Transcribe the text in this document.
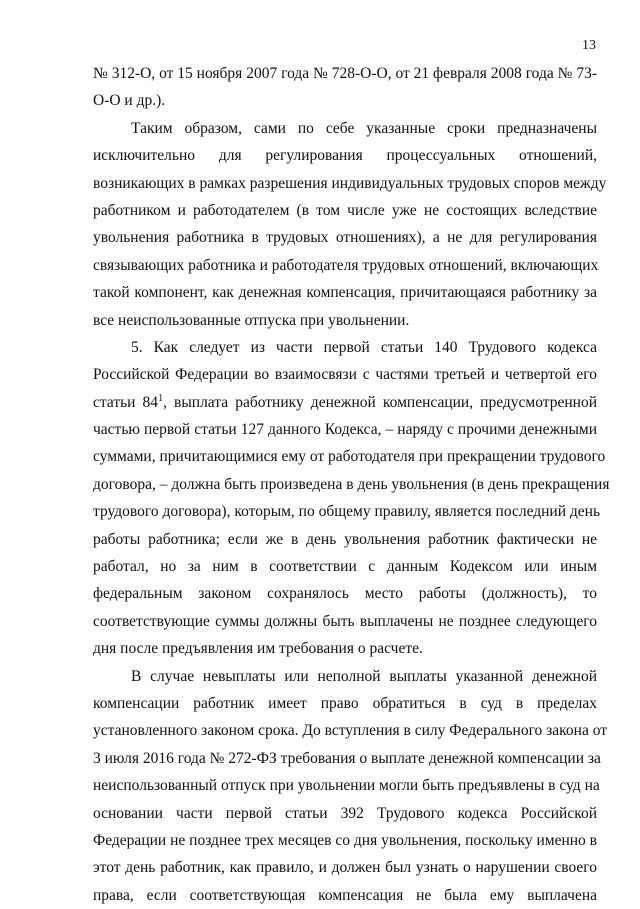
13
№ 312-О, от 15 ноября 2007 года № 728-О-О, от 21 февраля 2008 года № 73-
О-О и др.).
Таким образом, сами по себе указанные сроки предназначены
исключительно для регулирования процессуальных отношений,
возникающих в рамках разрешения индивидуальных трудовых споров между
работником и работодателем (в том числе уже не состоящих вследствие
увольнения работника в трудовых отношениях), а не для регулирования
связывающих работника и работодателя трудовых отношений, включающих
такой компонент, как денежная компенсация, причитающаяся работнику за
все неиспользованные отпуска при увольнении.
5. Как следует из части первой статьи 140 Трудового кодекса
Российской Федерации во взаимосвязи с частями третьей и четвертой его
статьи $84^1$, выплата работнику денежной компенсации, предусмотренной
частью первой статьи 127 данного Кодекса, – наряду с прочими денежными
суммами, причитающимися ему от работодателя при прекращении трудового
договора, – должна быть произведена в день увольнения (в день прекращения
трудового договора), которым, по общему правилу, является последний день
работы работника; если же в день увольнения работник фактически не
работал, но за ним в соответствии с данным Кодексом или иным
федеральным законом сохранялось место работы (должность), то
соответствующие суммы должны быть выплачены не позднее следующего
дня после предъявления им требования о расчете.
В случае невыплаты или неполной выплаты указанной денежной
компенсации работник имеет право обратиться в суд в пределах
установленного законом срока. До вступления в силу Федерального закона от
3 июля 2016 года № 272-ФЗ требования о выплате денежной компенсации за
неиспользованный отпуск при увольнении могли быть предъявлены в суд на
основании части первой статьи 392 Трудового кодекса Российской
Федерации не позднее трех месяцев со дня увольнения, поскольку именно в
этот день работник, как правило, и должен был узнать о нарушении своего
права, если соответствующая компенсация не была ему выплачена
